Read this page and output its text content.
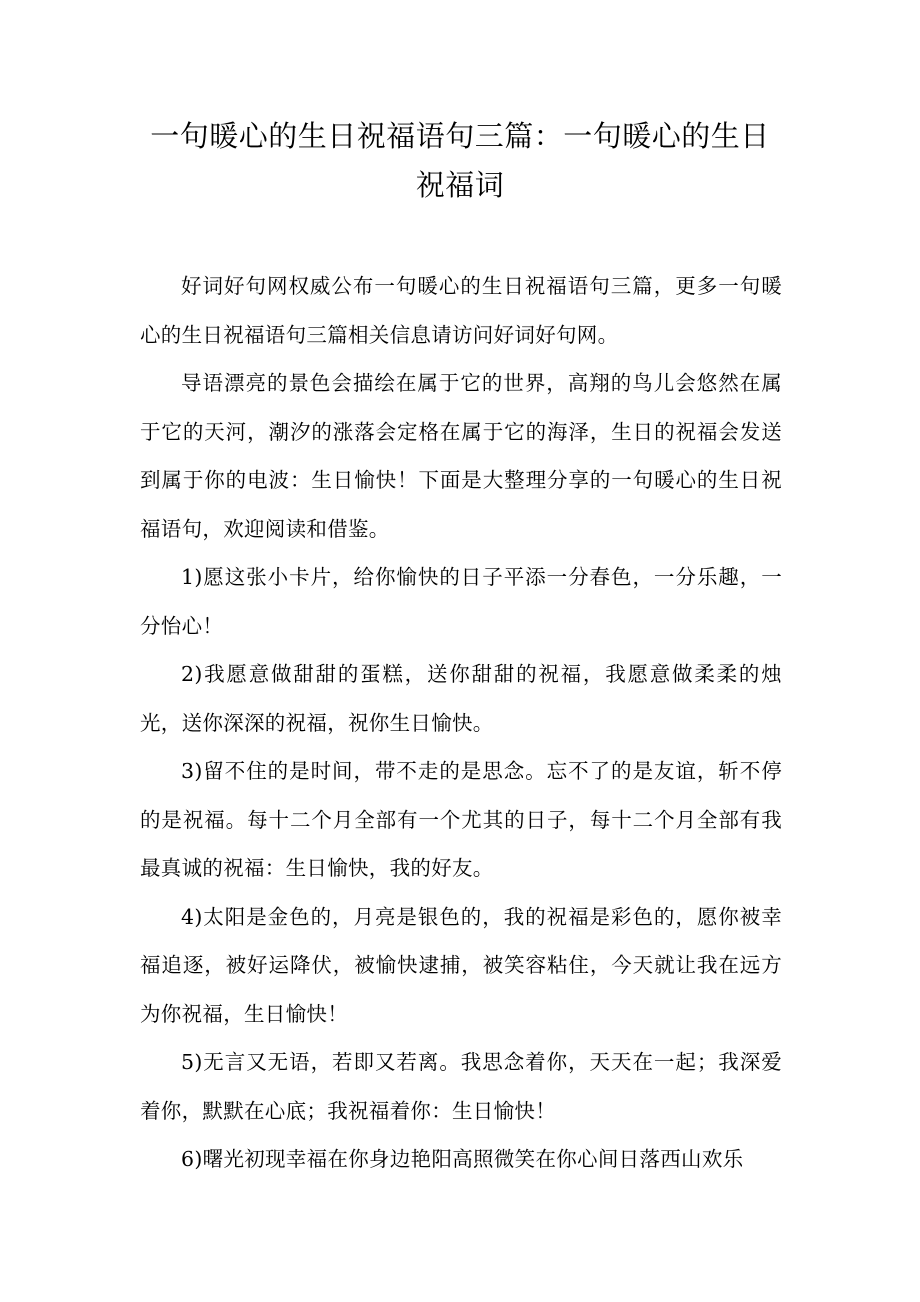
一句暖心的生日祝福语句三篇：一句暖心的生日祝福词

好词好句网权威公布一句暖心的生日祝福语句三篇，更多一句暖心的生日祝福语句三篇相关信息请访问好词好句网。

导语漂亮的景色会描绘在属于它的世界，高翔的鸟儿会悠然在属于它的天河，潮汐的涨落会定格在属于它的海泽，生日的祝福会发送到属于你的电波：生日愉快！下面是大整理分享的一句暖心的生日祝福语句，欢迎阅读和借鉴。

1)愿这张小卡片，给你愉快的日子平添一分春色，一分乐趣，一分怡心！

2)我愿意做甜甜的蛋糕，送你甜甜的祝福，我愿意做柔柔的烛光，送你深深的祝福，祝你生日愉快。

3)留不住的是时间，带不走的是思念。忘不了的是友谊，斩不停的是祝福。每十二个月全部有一个尤其的日子，每十二个月全部有我最真诚的祝福：生日愉快，我的好友。

4)太阳是金色的，月亮是银色的，我的祝福是彩色的，愿你被幸福追逐，被好运降伏，被愉快逮捕，被笑容粘住，今天就让我在远方为你祝福，生日愉快！

5)无言又无语，若即又若离。我思念着你，天天在一起；我深爱着你，默默在心底；我祝福着你：生日愉快！

6)曙光初现幸福在你身边艳阳高照微笑在你心间日落西山欢乐
